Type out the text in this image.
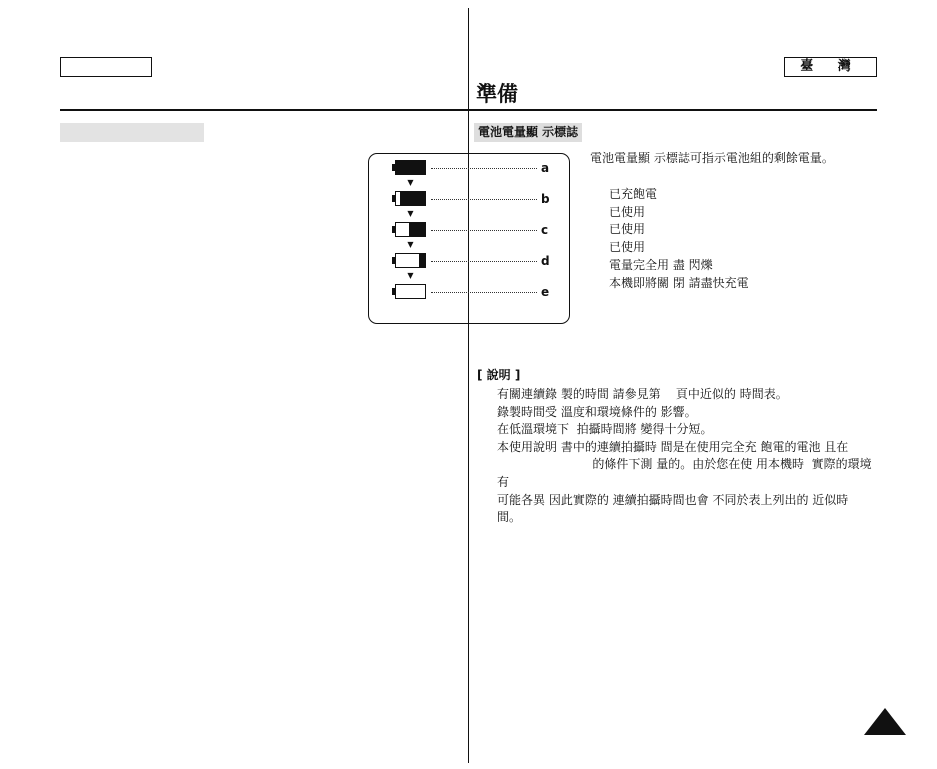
臺 灣
準備
電池電量顯 示標誌
電池電量顯 示標誌可指示電池組的剩餘電量。
a
▼
b
▼
c
▼
d
▼
e
已充飽電
已使用
已使用
已使用
電量完全用 盡 閃爍
本機即將關 閉 請盡快充電
[ 說明 ]
有關連續錄 製的時間 請參見第    頁中近似的 時間表。
錄製時間受 溫度和環境條件的 影響。
在低溫環境下  拍攝時間將 變得十分短。
本使用說明 書中的連續拍攝時 間是在使用完全充 飽電的電池 且在
的條件下測 量的。由於您在使 用本機時  實際的環境 有
可能各異 因此實際的 連續拍攝時間也會 不同於表上列出的 近似時
間。
